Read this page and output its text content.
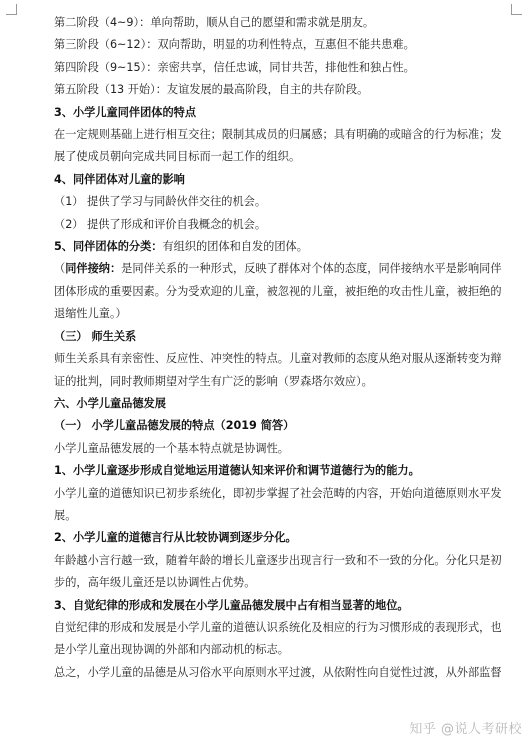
第二阶段（4~9）：单向帮助，顺从自己的愿望和需求就是朋友。

第三阶段（6~12）：双向帮助，明显的功利性特点，互惠但不能共患难。

第四阶段（9~15）：亲密共享，信任忠诚，同甘共苦，排他性和独占性。

第五阶段（13 开始）：友谊发展的最高阶段，自主的共存阶段。

3、小学儿童同伴团体的特点

在一定规则基础上进行相互交往；限制其成员的归属感；具有明确的或暗含的行为标准；发展了使成员朝向完成共同目标而一起工作的组织。

4、同伴团体对儿童的影响

（1） 提供了学习与同龄伙伴交往的机会。

（2） 提供了形成和评价自我概念的机会。

5、同伴团体的分类：有组织的团体和自发的团体。

（同伴接纳：是同伴关系的一种形式，反映了群体对个体的态度，同伴接纳水平是影响同伴团体形成的重要因素。分为受欢迎的儿童，被忽视的儿童，被拒绝的攻击性儿童，被拒绝的退缩性儿童。）

（三） 师生关系

师生关系具有亲密性、反应性、冲突性的特点。儿童对教师的态度从绝对服从逐渐转变为辩证的批判，同时教师期望对学生有广泛的影响（罗森塔尔效应）。

六、小学儿童品德发展

（一） 小学儿童品德发展的特点（2019 简答）

小学儿童品德发展的一个基本特点就是协调性。

1、小学儿童逐步形成自觉地运用道德认知来评价和调节道德行为的能力。

小学儿童的道德知识已初步系统化，即初步掌握了社会范畴的内容，开始向道德原则水平发展。

2、小学儿童的道德言行从比较协调到逐步分化。

年龄越小言行越一致，随着年龄的增长儿童逐步出现言行一致和不一致的分化。分化只是初步的，高年级儿童还是以协调性占优势。

3、自觉纪律的形成和发展在小学儿童品德发展中占有相当显著的地位。

自觉纪律的形成和发展是小学儿童的道德认识系统化及相应的行为习惯形成的表现形式，也是小学儿童出现协调的外部和内部动机的标志。

总之，小学儿童的品德是从习俗水平向原则水平过渡，从依附性向自觉性过渡，从外部监督

知乎 @说人考研校
